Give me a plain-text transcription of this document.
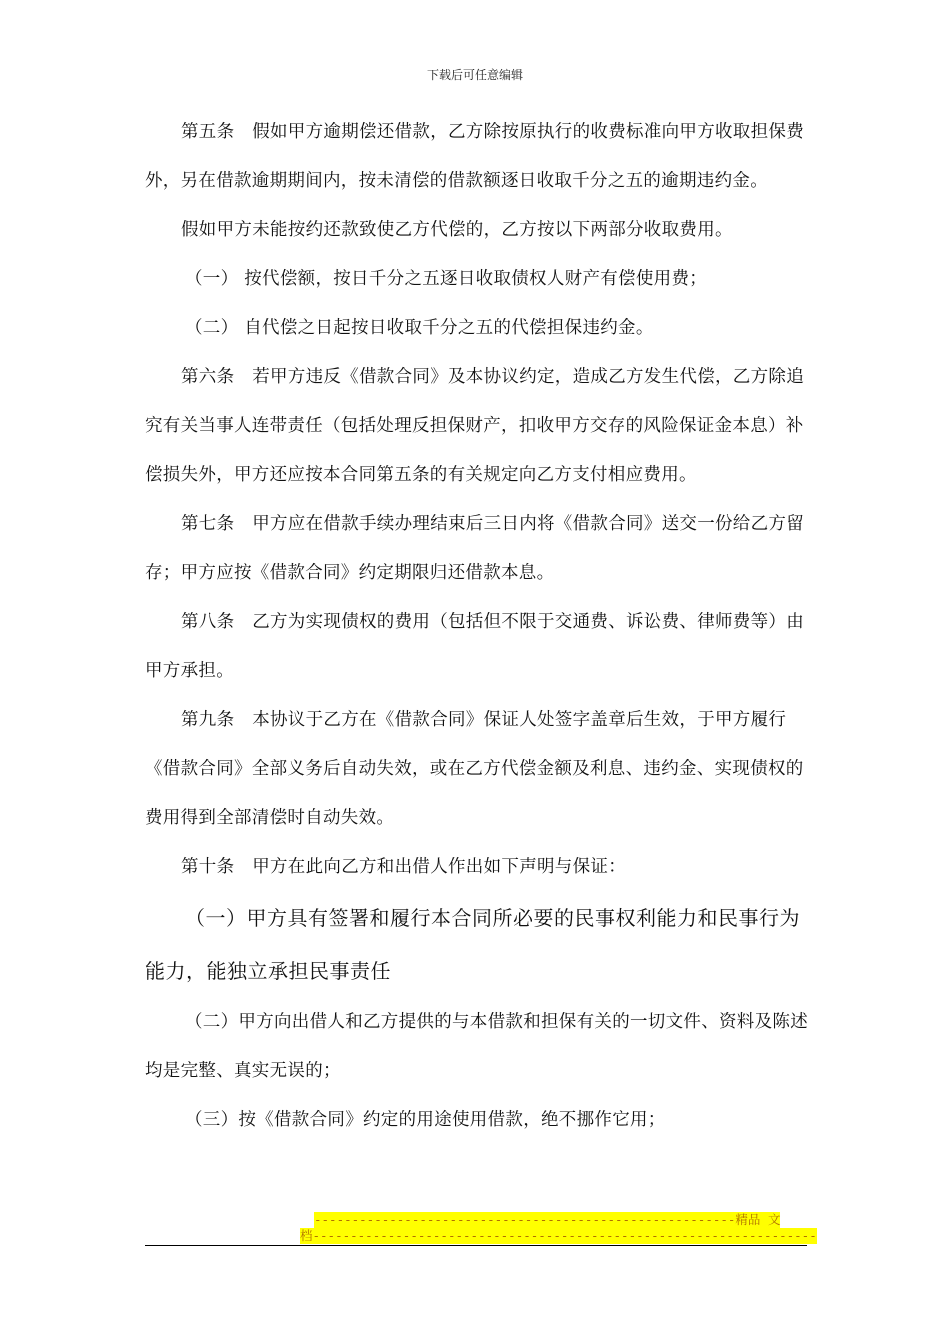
下载后可任意编辑

第五条　假如甲方逾期偿还借款，乙方除按原执行的收费标准向甲方收取担保费外，另在借款逾期期间内，按未清偿的借款额逐日收取千分之五的逾期违约金。

假如甲方未能按约还款致使乙方代偿的，乙方按以下两部分收取费用。

（一） 按代偿额，按日千分之五逐日收取债权人财产有偿使用费；

（二） 自代偿之日起按日收取千分之五的代偿担保违约金。

第六条　若甲方违反《借款合同》及本协议约定，造成乙方发生代偿，乙方除追究有关当事人连带责任（包括处理反担保财产，扣收甲方交存的风险保证金本息）补偿损失外，甲方还应按本合同第五条的有关规定向乙方支付相应费用。

第七条　甲方应在借款手续办理结束后三日内将《借款合同》送交一份给乙方留存；甲方应按《借款合同》约定期限归还借款本息。

第八条　乙方为实现债权的费用（包括但不限于交通费、诉讼费、律师费等）由甲方承担。

第九条　本协议于乙方在《借款合同》保证人处签字盖章后生效，于甲方履行《借款合同》全部义务后自动失效，或在乙方代偿金额及利息、违约金、实现债权的费用得到全部清偿时自动失效。

第十条　甲方在此向乙方和出借人作出如下声明与保证：

（一）甲方具有签署和履行本合同所必要的民事权利能力和民事行为能力，能独立承担民事责任

（二）甲方向出借人和乙方提供的与本借款和担保有关的一切文件、资料及陈述均是完整、真实无误的；

（三）按《借款合同》约定的用途使用借款，绝不挪作它用；

--------------------------------------------------------精品 文
档-------------------------------------------------------------------
